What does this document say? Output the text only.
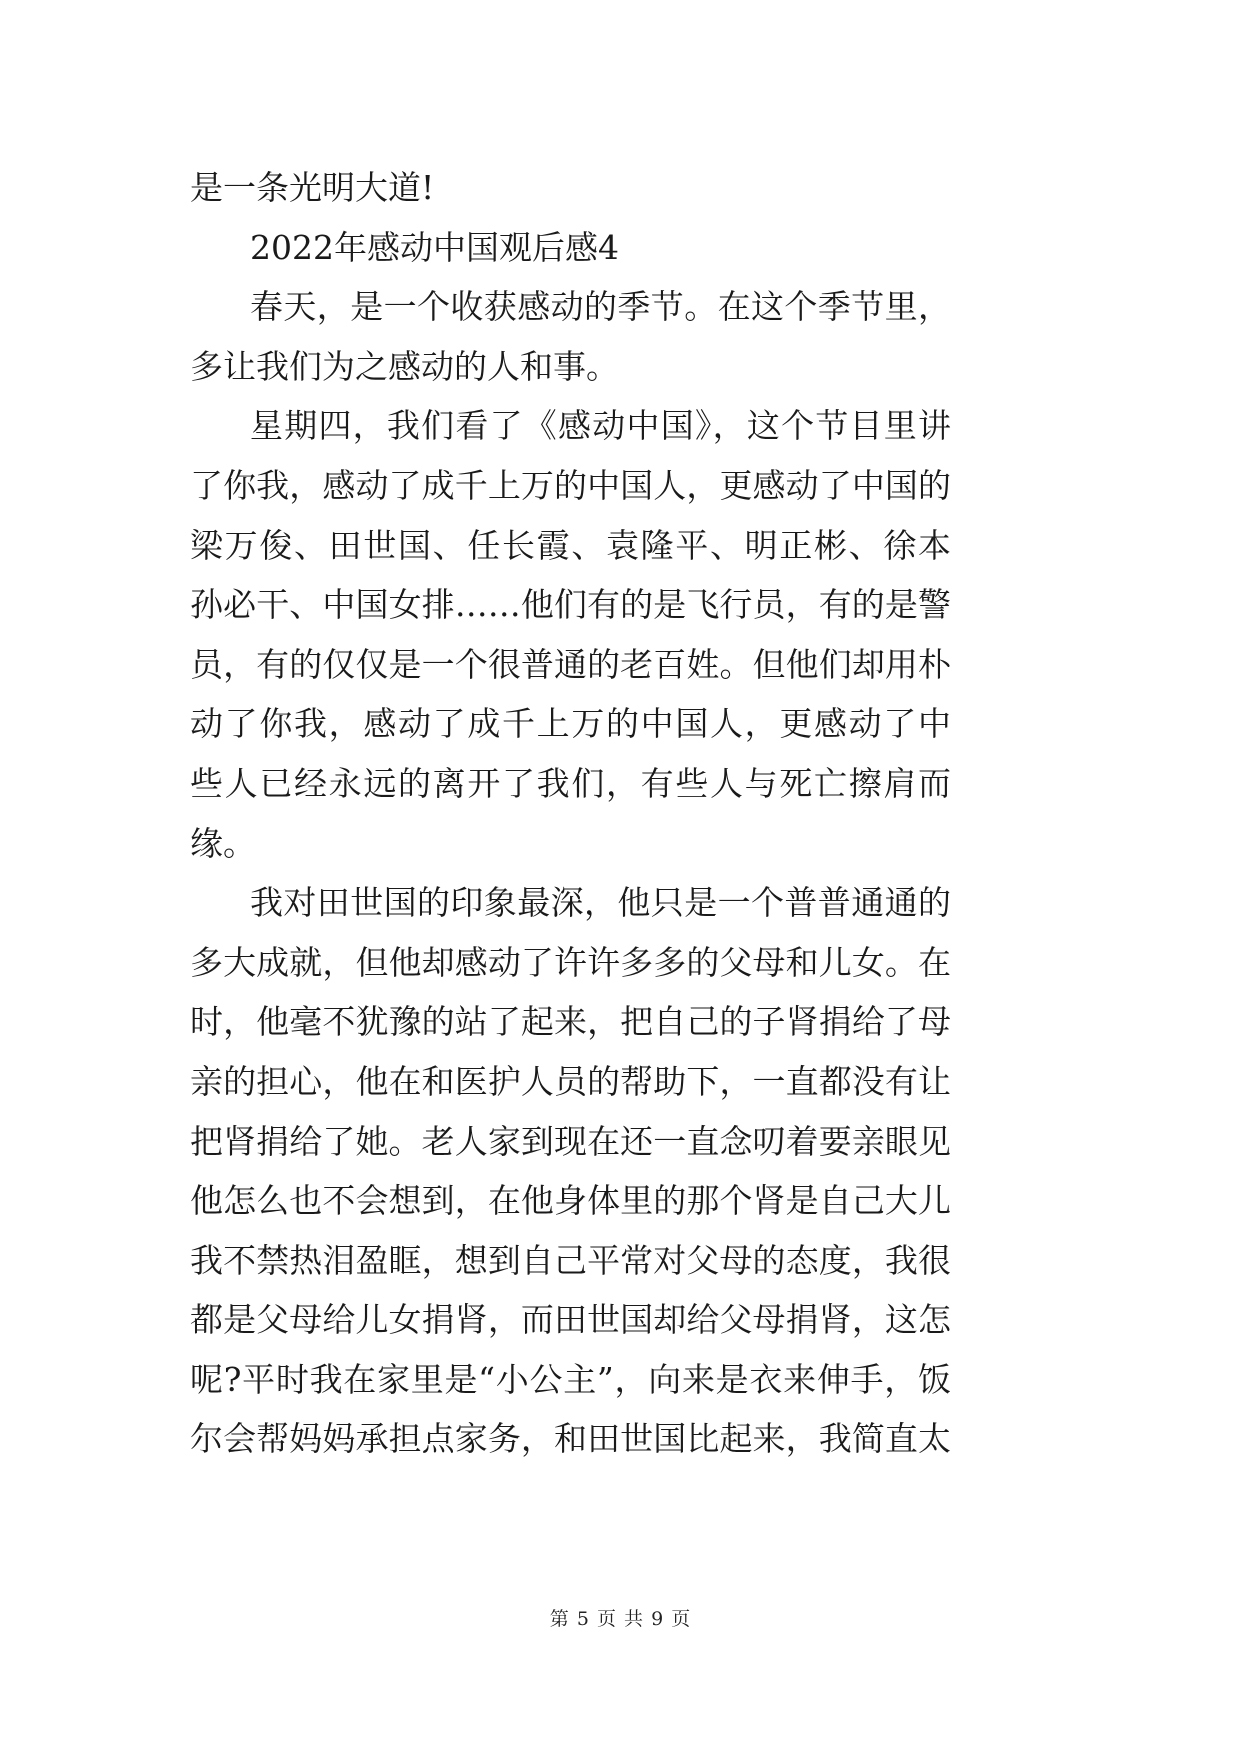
是一条光明大道!
2022年感动中国观后感4
春天，是一个收获感动的季节。在这个季节里，
多让我们为之感动的人和事。
星期四，我们看了《感动中国》，这个节目里讲
了你我，感动了成千上万的中国人，更感动了中国的
梁万俊、田世国、任长霞、袁隆平、明正彬、徐本
孙必干、中国女排……他们有的是飞行员，有的是警
员，有的仅仅是一个很普通的老百姓。但他们却用朴
动了你我，感动了成千上万的中国人，更感动了中
些人已经永远的离开了我们，有些人与死亡擦肩而
缘。
我对田世国的印象最深，他只是一个普普通通的
多大成就，但他却感动了许许多多的父母和儿女。在
时，他毫不犹豫的站了起来，把自己的子肾捐给了母
亲的担心，他在和医护人员的帮助下，一直都没有让
把肾捐给了她。老人家到现在还一直念叨着要亲眼见
他怎么也不会想到，在他身体里的那个肾是自己大儿
我不禁热泪盈眶，想到自己平常对父母的态度，我很
都是父母给儿女捐肾，而田世国却给父母捐肾，这怎
呢?平时我在家里是“小公主”，向来是衣来伸手，饭
尔会帮妈妈承担点家务，和田世国比起来，我简直太
第 5 页 共 9 页
